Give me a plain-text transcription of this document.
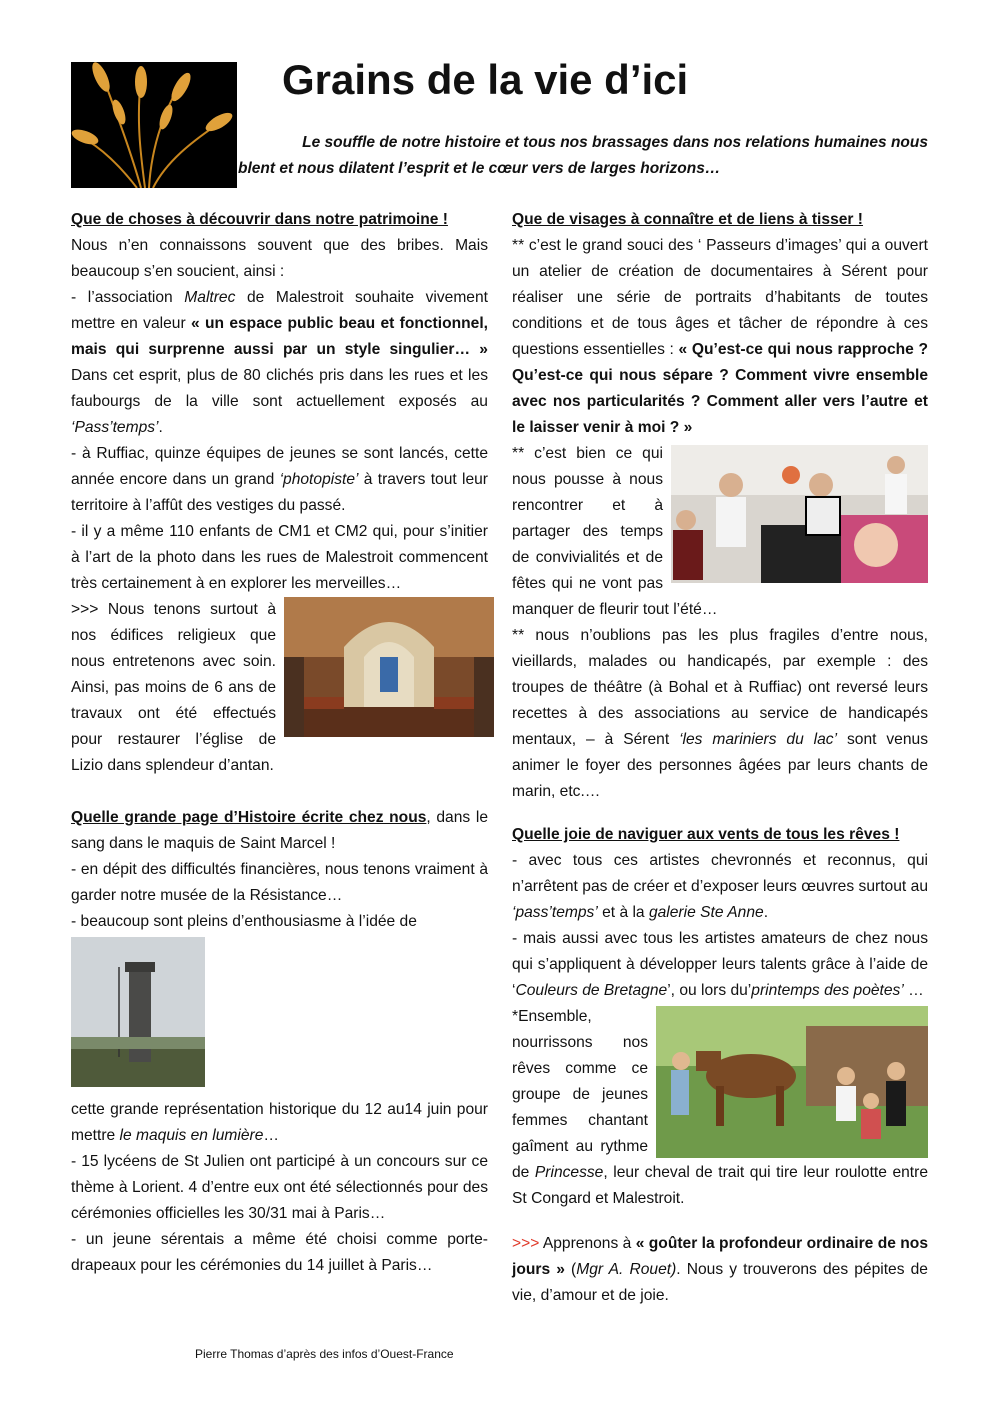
Grains de la vie d’ici
Le souffle de notre histoire et tous nos brassages dans nos relations humaines nous
blent et nous dilatent l’esprit et le cœur vers de larges horizons…

Que de choses à découvrir dans notre patrimoine !

Nous n’en connaissons souvent que des bribes. Mais beaucoup s’en soucient, ainsi :

- l’association Maltrec de Malestroit souhaite vivement mettre en valeur « un espace public beau et fonctionnel, mais qui surprenne aussi par un style singulier… » Dans cet esprit, plus de 80 clichés pris dans les rues et les faubourgs de la ville sont actuellement exposés au ‘Pass’temps’.

- à Ruffiac, quinze équipes de jeunes se sont lancés, cette année encore dans un grand ‘photopiste’ à travers tout leur territoire à l’affût des vestiges du passé.

- il y a même 110 enfants de CM1 et CM2 qui, pour s’initier à l’art de la photo dans les rues de Malestroit commencent très certainement à en explorer les merveilles…

>>> Nous tenons surtout à nos édifices religieux que nous entretenons avec soin. Ainsi, pas moins de 6 ans de travaux ont été effectués pour restaurer l’église de Lizio dans splendeur d’antan.

Quelle grande page d’Histoire écrite chez nous, dans le sang dans le maquis de Saint Marcel !

- en dépit des difficultés financières, nous tenons vraiment à garder notre musée de la Résistance…

- beaucoup sont pleins d’enthousiasme à l’idée de

cette grande représentation historique du 12 au14 juin pour mettre le maquis en lumière…

- 15 lycéens de St Julien ont participé à un concours sur ce thème à Lorient. 4 d’entre eux ont été sélectionnés pour des cérémonies officielles les 30/31 mai à Paris…

- un jeune sérentais a même été choisi comme porte-drapeaux pour les cérémonies du 14 juillet à Paris…

Que de visages à connaître et de liens à tisser !

** c’est le grand souci des ‘ Passeurs d’images’ qui a ouvert un atelier de création de documentaires à Sérent pour réaliser une série de portraits d’habitants de toutes conditions et de tous âges et tâcher de répondre à ces questions essentielles : « Qu’est-ce qui nous rapproche ? Qu’est-ce qui nous sépare ? Comment vivre ensemble avec nos particularités ? Comment aller vers l’autre et le laisser venir à moi ? »

** c’est bien ce qui nous pousse à nous rencontrer et à partager des temps de convivialités et de fêtes qui ne vont pas manquer de fleurir tout l’été…

** nous n’oublions pas les plus fragiles d’entre nous, vieillards, malades ou handicapés, par exemple : des troupes de théâtre (à Bohal et à Ruffiac) ont reversé leurs recettes à des associations au service de handicapés mentaux, – à Sérent ‘les mariniers du lac’ sont venus animer le foyer des personnes âgées par leurs chants de marin, etc.…

Quelle joie de naviguer aux vents de tous les rêves !

- avec tous ces artistes chevronnés et reconnus, qui n’arrêtent pas de créer et d’exposer leurs œuvres surtout au ‘pass’temps’ et à la galerie Ste Anne.

- mais aussi avec tous les artistes amateurs de chez nous qui s’appliquent à développer leurs talents grâce à l’aide de ‘Couleurs de Bretagne’, ou lors du’printemps des poètes’ …

*Ensemble, nourrissons nos rêves comme ce groupe de jeunes femmes chantant gaîment au rythme de Princesse, leur cheval de trait qui tire leur roulotte entre St Congard et Malestroit.

>>> Apprenons à « goûter la profondeur ordinaire de nos jours » (Mgr A. Rouet). Nous y trouverons des pépites de vie, d’amour et de joie.

Pierre Thomas d’après des infos d’Ouest-France
